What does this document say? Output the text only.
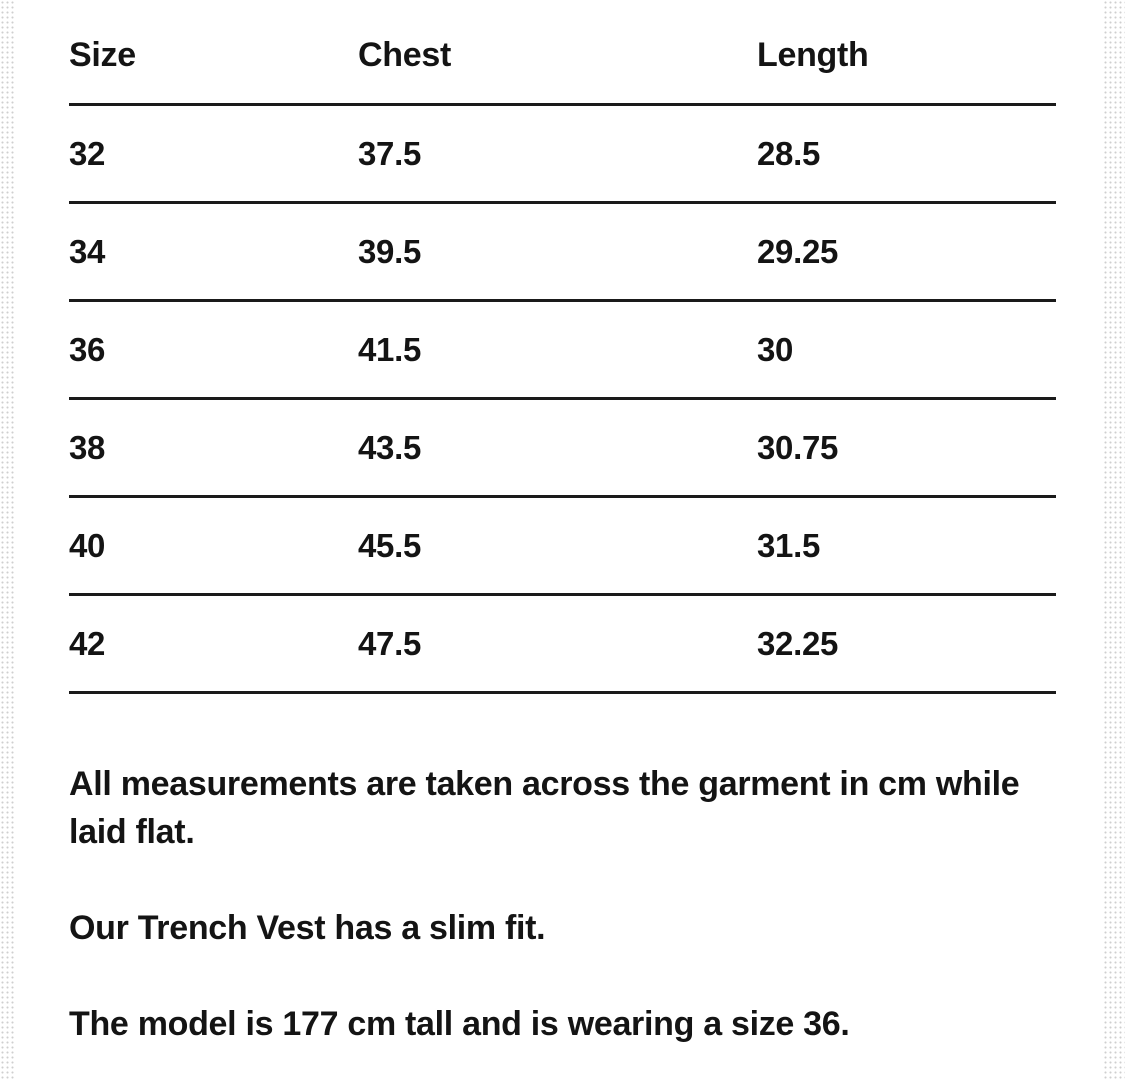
Size	Chest	Length
32	37.5	28.5
34	39.5	29.25
36	41.5	30
38	43.5	30.75
40	45.5	31.5
42	47.5	32.25

All measurements are taken across the garment in cm while laid flat.

Our Trench Vest has a slim fit.

The model is 177 cm tall and is wearing a size 36.
